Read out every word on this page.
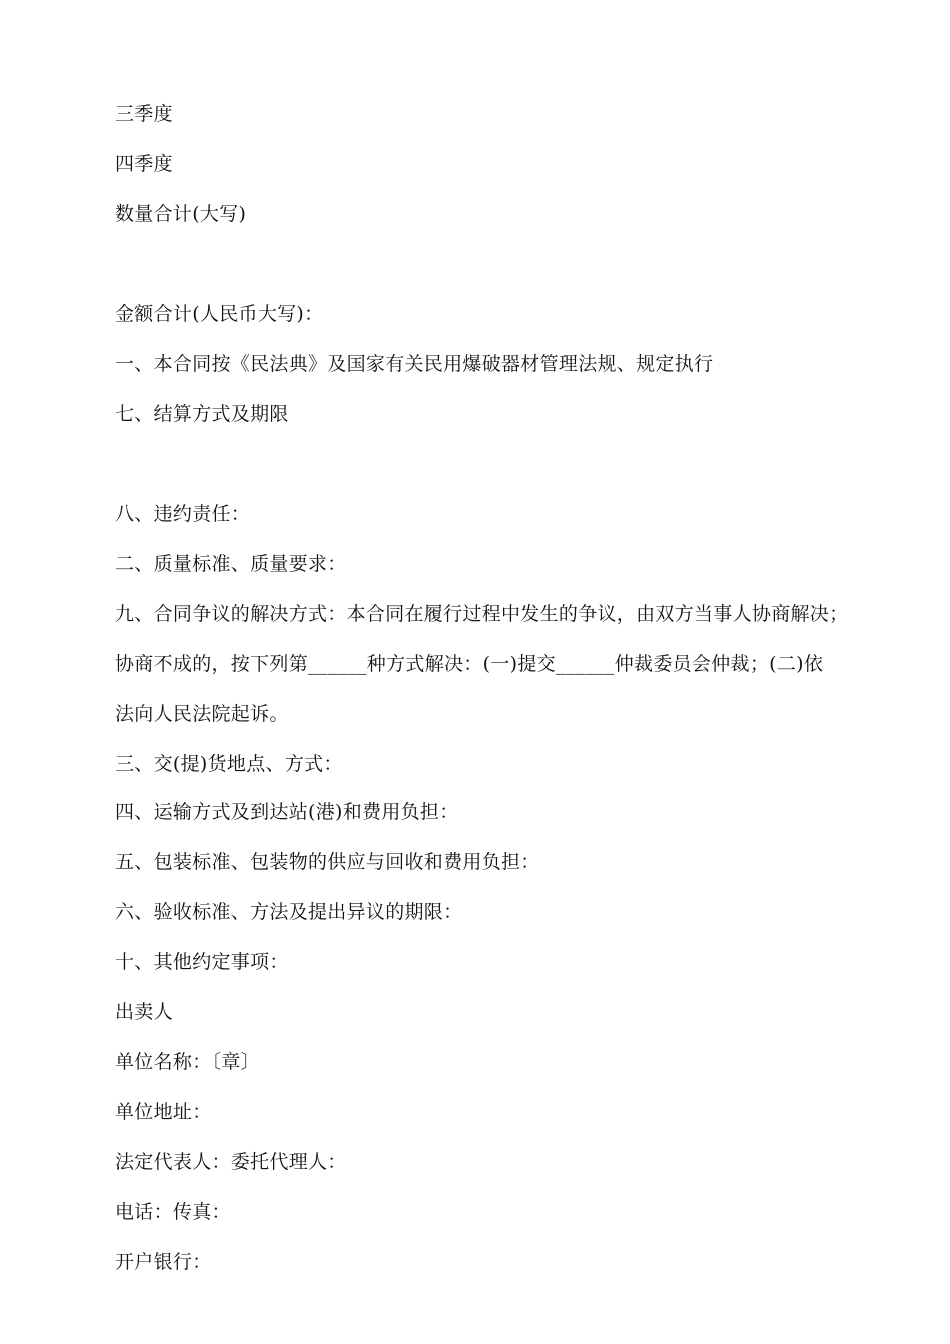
三季度
四季度
数量合计(大写)
金额合计(人民币大写)：
一、本合同按《民法典》及国家有关民用爆破器材管理法规、规定执行
七、结算方式及期限
八、违约责任：
二、质量标准、质量要求：
九、合同争议的解决方式：本合同在履行过程中发生的争议，由双方当事人协商解决；
协商不成的，按下列第______种方式解决：(一)提交______仲裁委员会仲裁；(二)依
法向人民法院起诉。
三、交(提)货地点、方式：
四、运输方式及到达站(港)和费用负担：
五、包装标准、包装物的供应与回收和费用负担：
六、验收标准、方法及提出异议的期限：
十、其他约定事项：
出卖人
单位名称：〔章〕
单位地址：
法定代表人：委托代理人：
电话：传真：
开户银行：
